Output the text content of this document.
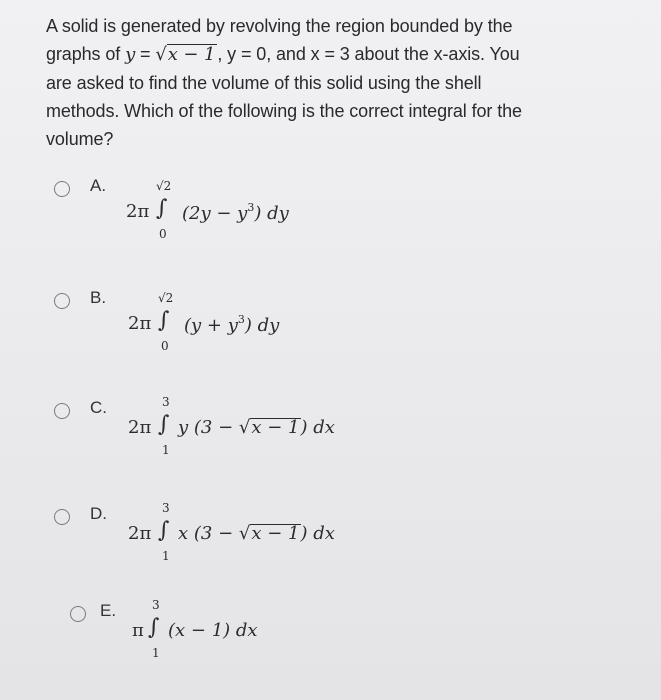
A solid is generated by revolving the region bounded by the
graphs of y = √x − 1 , y = 0, and x = 3 about the x-axis. You
are asked to find the volume of this solid using the shell
methods. Which of the following is the correct integral for the
volume?
A.
2π
√2
∫
0
$(2y - y^3)$ dy
B.
2π
√2
∫
0
$(y + y^3)$ dy
C.
2π
3
∫
1
y (3 − √x − 1) dx
D.
2π
3
∫
1
x (3 − √x − 1) dx
E.
π
3
∫
1
(x − 1) dx
